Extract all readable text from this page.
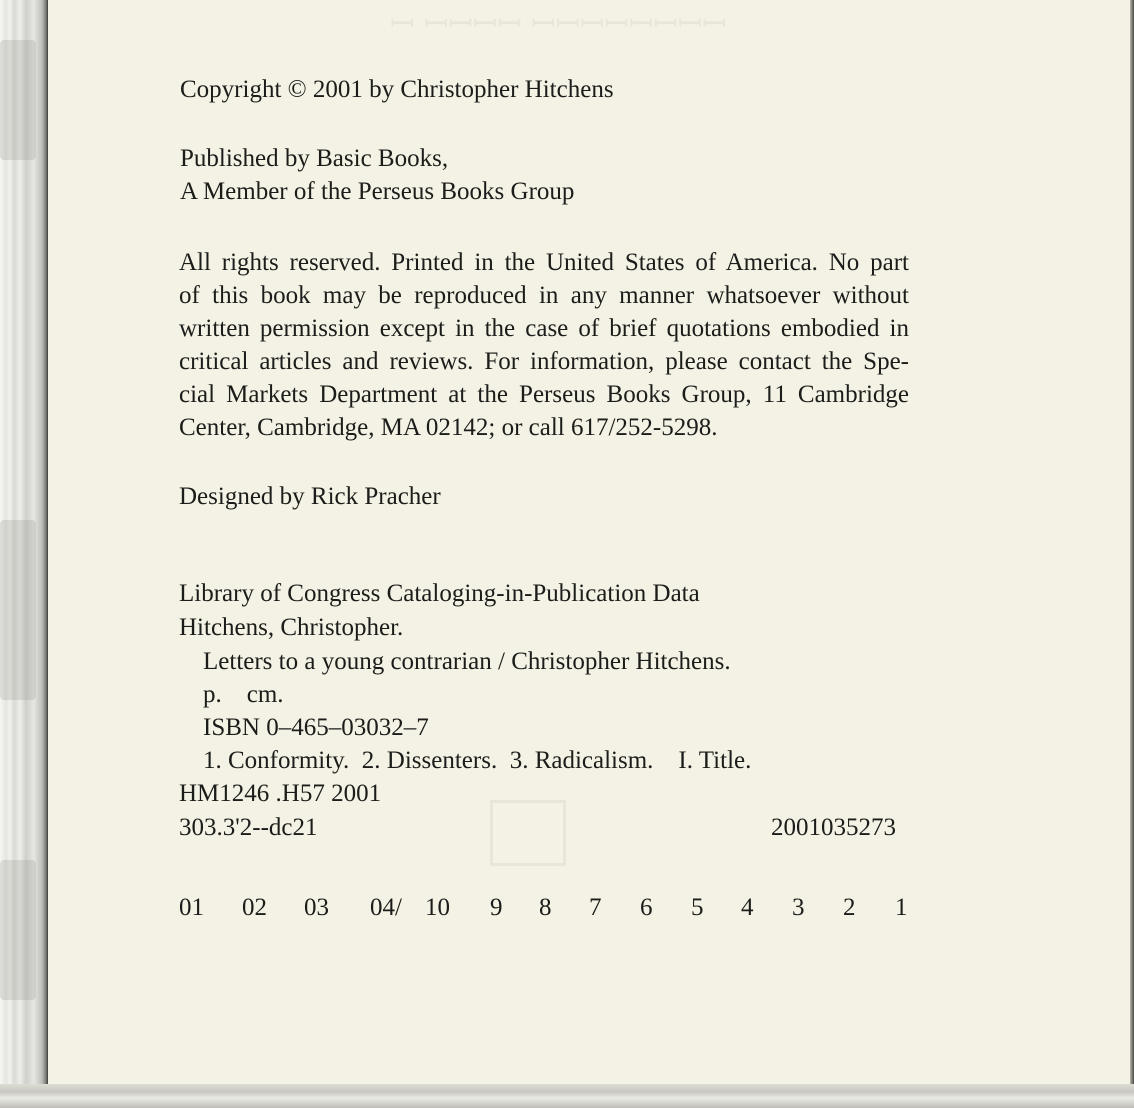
ꟷ ꟷꟷꟷꟷ ꟷꟷꟷꟷꟷꟷꟷꟷ

Copyright © 2001 by Christopher Hitchens

Published by Basic Books,

A Member of the Perseus Books Group

All rights reserved. Printed in the United States of America. No part

of this book may be reproduced in any manner whatsoever without

written permission except in the case of brief quotations embodied in

critical articles and reviews. For information, please contact the Spe-

cial Markets Department at the Perseus Books Group, 11 Cambridge

Center, Cambridge, MA 02142; or call 617/252-5298.

Designed by Rick Pracher

Library of Congress Cataloging-in-Publication Data

Hitchens, Christopher.

Letters to a young contrarian / Christopher Hitchens.

p.    cm.

ISBN 0–465–03032–7

1. Conformity.  2. Dissenters.  3. Radicalism.    I. Title.

HM1246 .H57 2001

303.3'2--dc21	2001035273

01 02 03 04/ 10 9 8 7 6 5 4 3 2 1
